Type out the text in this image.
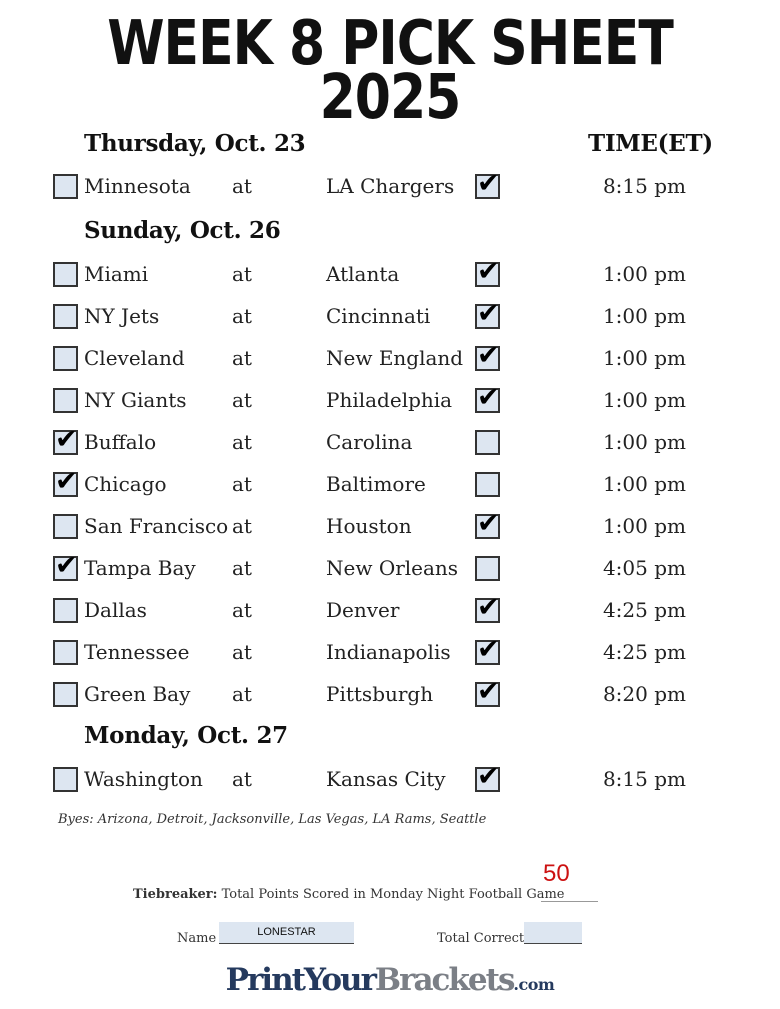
WEEK 8 PICK SHEET
2025
Thursday, Oct. 23	TIME(ET)
Sunday, Oct. 26
Monday, Oct. 27
Minnesota at	LA Chargers ✔	8:15 pm
Miami	at	Atlanta	✔	1:00 pm
NY Jets	at	Cincinnati ✔	1:00 pm
Cleveland at	New England ✔	1:00 pm
NY Giants at	Philadelphia ✔	1:00 pm
✔ Buffalo	at	Carolina	1:00 pm
✔ Chicago	at	Baltimore	1:00 pm
San Francisco at	Houston ✔	1:00 pm
✔ Tampa Bay at	New Orleans	4:05 pm
Dallas	at	Denver	✔	4:25 pm
Tennessee at	Indianapolis ✔	4:25 pm
Green Bay at	Pittsburgh ✔	8:20 pm
Washington at	Kansas City ✔	8:15 pm
Byes: Arizona, Detroit, Jacksonville, Las Vegas, LA Rams, Seattle
50
Tiebreaker: Total Points Scored in Monday Night Football Game
Name	LONESTAR	Total Correct
PrintYourBrackets.com
